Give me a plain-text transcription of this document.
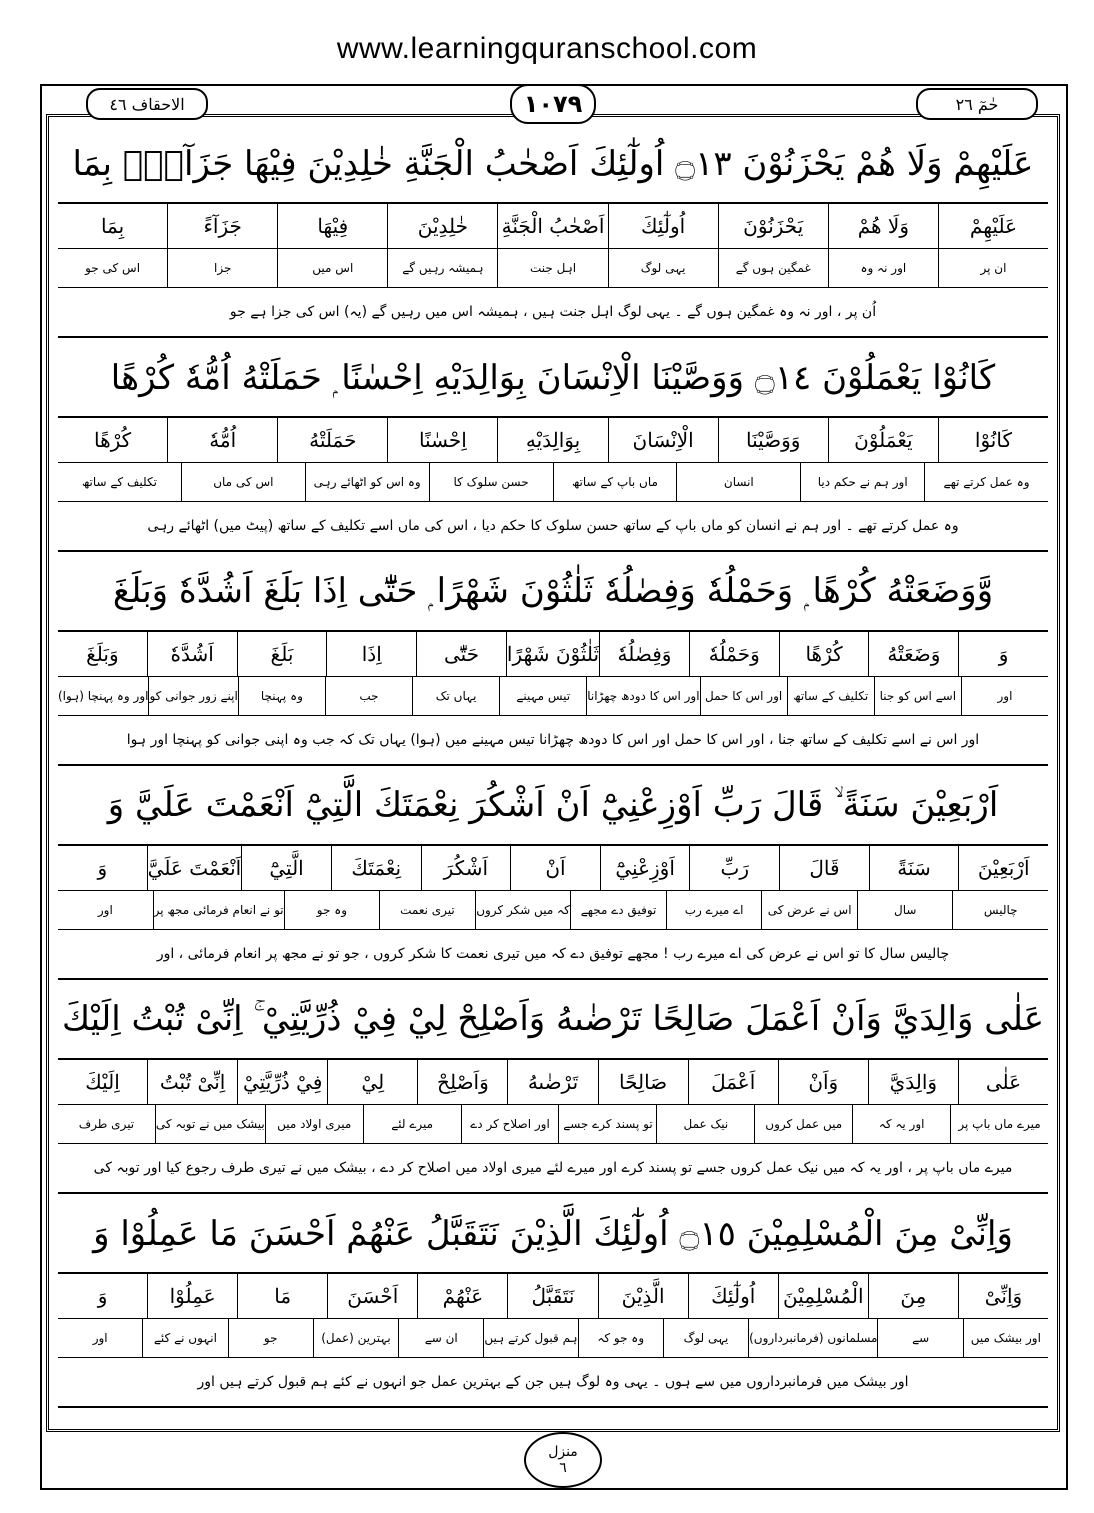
www.learningquranschool.com
حٰمٓ ٢٦
١٠٧٩
الاحقاف ٤٦
عَلَيْهِمْ وَلَا هُمْ يَحْزَنُوْنَ ۝١٣ اُولٰٓئِكَ اَصْحٰبُ الْجَنَّةِ خٰلِدِيْنَ فِيْهَا جَزَآءًۢ بِمَا
عَلَيْهِمْ
وَلَا هُمْ
يَحْزَنُوْنَ
اُولٰٓئِكَ
اَصْحٰبُ الْجَنَّةِ
خٰلِدِيْنَ
فِيْهَا
جَزَآءً
بِمَا
ان پر
اور نہ وہ
غمگین ہوں گے
یہی لوگ
اہل جنت
ہمیشہ رہیں گے
اس میں
جزا
اس کی جو
اُن پر ، اور نہ وہ غمگین ہوں گے ۔ یہی لوگ اہل جنت ہیں ، ہمیشہ اس میں رہیں گے (یہ) اس کی جزا ہے جو
كَانُوْا يَعْمَلُوْنَ ۝١٤ وَوَصَّيْنَا الْاِنْسَانَ بِوَالِدَيْهِ اِحْسٰنًا ۭ حَمَلَتْهُ اُمُّهٗ كُرْهًا
كَانُوْا
يَعْمَلُوْنَ
وَوَصَّيْنَا
الْاِنْسَانَ
بِوَالِدَيْهِ
اِحْسٰنًا
حَمَلَتْهُ
اُمُّهٗ
كُرْهًا
وہ عمل کرتے تھے
اور ہم نے حکم دیا
انسان
ماں باپ کے ساتھ
حسن سلوک کا
وہ اس کو اٹھائے رہی
اس کی ماں
تکلیف کے ساتھ
وہ عمل کرتے تھے ۔ اور ہم نے انسان کو ماں باپ کے ساتھ حسن سلوک کا حکم دیا ، اس کی ماں اسے تکلیف کے ساتھ (پیٹ میں) اٹھائے رہی
وَّوَضَعَتْهُ كُرْهًا ۭ وَحَمْلُهٗ وَفِصٰلُهٗ ثَلٰثُوْنَ شَهْرًا ۭ حَتّٰٓى اِذَا بَلَغَ اَشُدَّهٗ وَبَلَغَ
وَ
وَضَعَتْهُ
كُرْهًا
وَحَمْلُهٗ
وَفِصٰلُهٗ
ثَلٰثُوْنَ شَهْرًا
حَتّٰٓى
اِذَا
بَلَغَ
اَشُدَّهٗ
وَبَلَغَ
اور
اسے اس کو جنا
تکلیف کے ساتھ
اور اس کا حمل
اور اس کا دودھ چھڑانا
تیس مہینے
یہاں تک
جب
وہ پہنچا
اپنے زور جوانی کو
اور وہ پہنچا (ہوا)
اور اس نے اسے تکلیف کے ساتھ جنا ، اور اس کا حمل اور اس کا دودھ چھڑانا تیس مہینے میں (ہوا) یہاں تک کہ جب وہ اپنی جوانی کو پہنچا اور ہوا
اَرْبَعِيْنَ سَنَةً ۙ قَالَ رَبِّ اَوْزِعْنِيْٓ اَنْ اَشْكُرَ نِعْمَتَكَ الَّتِيْٓ اَنْعَمْتَ عَلَيَّ وَ
اَرْبَعِيْنَ
سَنَةً
قَالَ
رَبِّ
اَوْزِعْنِيْٓ
اَنْ
اَشْكُرَ
نِعْمَتَكَ
الَّتِيْٓ
اَنْعَمْتَ عَلَيَّ
وَ
چالیس
سال
اس نے عرض کی
اے میرے رب
توفیق دے مجھے
کہ میں شکر کروں
تیری نعمت
وہ جو
تو نے انعام فرمائی مجھ پر
اور
چالیس سال کا تو اس نے عرض کی اے میرے رب ! مجھے توفیق دے کہ میں تیری نعمت کا شکر کروں ، جو تو نے مجھ پر انعام فرمائی ، اور
عَلٰى وَالِدَيَّ وَاَنْ اَعْمَلَ صَالِحًا تَرْضٰىهُ وَاَصْلِحْ لِيْ فِيْ ذُرِّيَّتِيْ ۚ اِنِّىْ تُبْتُ اِلَيْكَ
عَلٰى
وَالِدَيَّ
وَاَنْ
اَعْمَلَ
صَالِحًا
تَرْضٰىهُ
وَاَصْلِحْ
لِيْ
فِيْ ذُرِّيَّتِيْ
اِنِّىْ تُبْتُ
اِلَيْكَ
میرے ماں باپ پر
اور یہ کہ
میں عمل کروں
نیک عمل
تو پسند کرے جسے
اور اصلاح کر دے
میرے لئے
میری اولاد میں
بیشک میں نے توبہ کی
تیری طرف
میرے ماں باپ پر ، اور یہ کہ میں نیک عمل کروں جسے تو پسند کرے اور میرے لئے میری اولاد میں اصلاح کر دے ، بیشک میں نے تیری طرف رجوع کیا اور توبہ کی
وَاِنِّىْ مِنَ الْمُسْلِمِيْنَ ۝١٥ اُولٰٓئِكَ الَّذِيْنَ نَتَقَبَّلُ عَنْهُمْ اَحْسَنَ مَا عَمِلُوْا وَ
وَاِنِّىْ
مِنَ
الْمُسْلِمِيْنَ
اُولٰٓئِكَ
الَّذِيْنَ
نَتَقَبَّلُ
عَنْهُمْ
اَحْسَنَ
مَا
عَمِلُوْا
وَ
اور بیشک میں
سے
مسلمانوں (فرمانبرداروں)
یہی لوگ
وہ جو کہ
ہم قبول کرتے ہیں
ان سے
بہترین (عمل)
جو
انہوں نے کئے
اور
اور بیشک میں فرمانبرداروں میں سے ہوں ۔ یہی وہ لوگ ہیں جن کے بہترین عمل جو انہوں نے کئے ہم قبول کرتے ہیں اور
منزل
٦
